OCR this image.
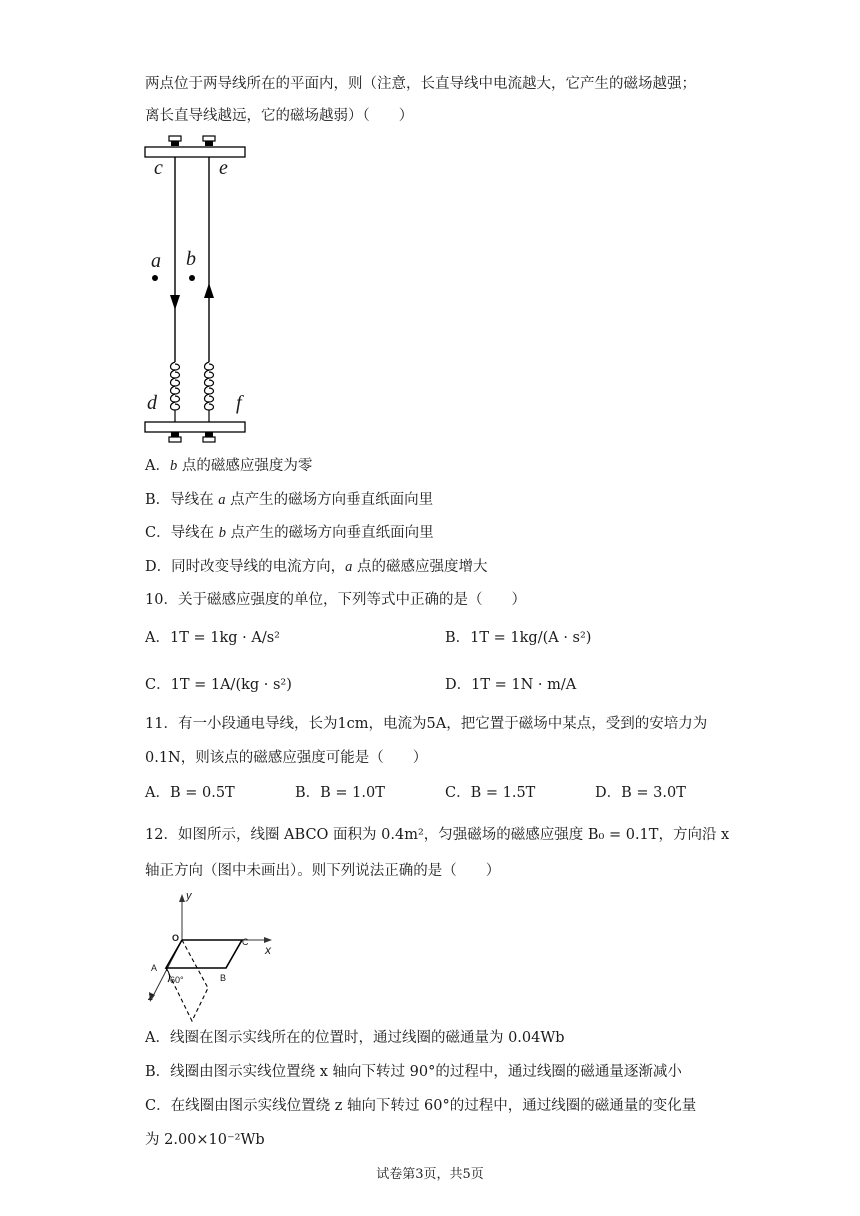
两点位于两导线所在的平面内，则（注意，长直导线中电流越大，它产生的磁场越强；
离长直导线越远，它的磁场越弱）（　　）
c	e
a b
d	f
A．b 点的磁感应强度为零
B．导线在 a 点产生的磁场方向垂直纸面向里
C．导线在 b 点产生的磁场方向垂直纸面向里
D．同时改变导线的电流方向，a 点的磁感应强度增大
10．关于磁感应强度的单位，下列等式中正确的是（　　）
A．1T = 1kg · A/s²	B．1T = 1kg/(A · s²)
C．1T = 1A/(kg · s²)	D．1T = 1N · m/A
11．有一小段通电导线，长为1cm，电流为5A，把它置于磁场中某点，受到的安培力为
0.1N，则该点的磁感应强度可能是（　　）
A．B = 0.5T	B．B = 1.0T	C．B = 1.5T	D．B = 3.0T
12．如图所示，线圈 ABCO 面积为 0.4m²，匀强磁场的磁感应强度 B₀ = 0.1T，方向沿 x
轴正方向（图中未画出）。则下列说法正确的是（　　）
y
x
z
O	C
A
B
60°
A．线圈在图示实线所在的位置时，通过线圈的磁通量为 0.04Wb
B．线圈由图示实线位置绕 x 轴向下转过 90°的过程中，通过线圈的磁通量逐渐减小
C．在线圈由图示实线位置绕 z 轴向下转过 60°的过程中，通过线圈的磁通量的变化量
为 2.00×10⁻²Wb
试卷第3页，共5页
